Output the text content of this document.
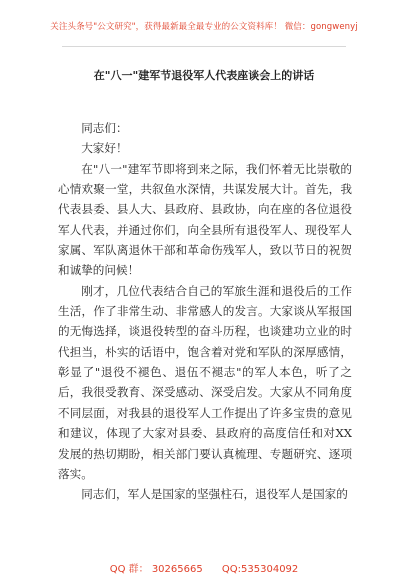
关注头条号"公文研究"，获得最新最全最专业的公文资料库！ 微信：gongwenyj
在"八一"建军节退役军人代表座谈会上的讲话

同志们：

大家好！

在"八一"建军节即将到来之际，我们怀着无比崇敬的心情欢聚一堂，共叙鱼水深情，共谋发展大计。首先，我代表县委、县人大、县政府、县政协，向在座的各位退役军人代表，并通过你们，向全县所有退役军人、现役军人家属、军队离退休干部和革命伤残军人，致以节日的祝贺和诚挚的问候！

刚才，几位代表结合自己的军旅生涯和退役后的工作生活，作了非常生动、非常感人的发言。大家谈从军报国的无悔选择，谈退役转型的奋斗历程，也谈建功立业的时代担当，朴实的话语中，饱含着对党和军队的深厚感情，彰显了"退役不褪色、退伍不褪志"的军人本色，听了之后，我很受教育、深受感动、深受启发。大家从不同角度不同层面，对我县的退役军人工作提出了许多宝贵的意见和建议，体现了大家对县委、县政府的高度信任和对XX发展的热切期盼，相关部门要认真梳理、专题研究、逐项落实。

同志们，军人是国家的坚强柱石，退役军人是国家的

QQ 群： 30265665 QQ:535304092
